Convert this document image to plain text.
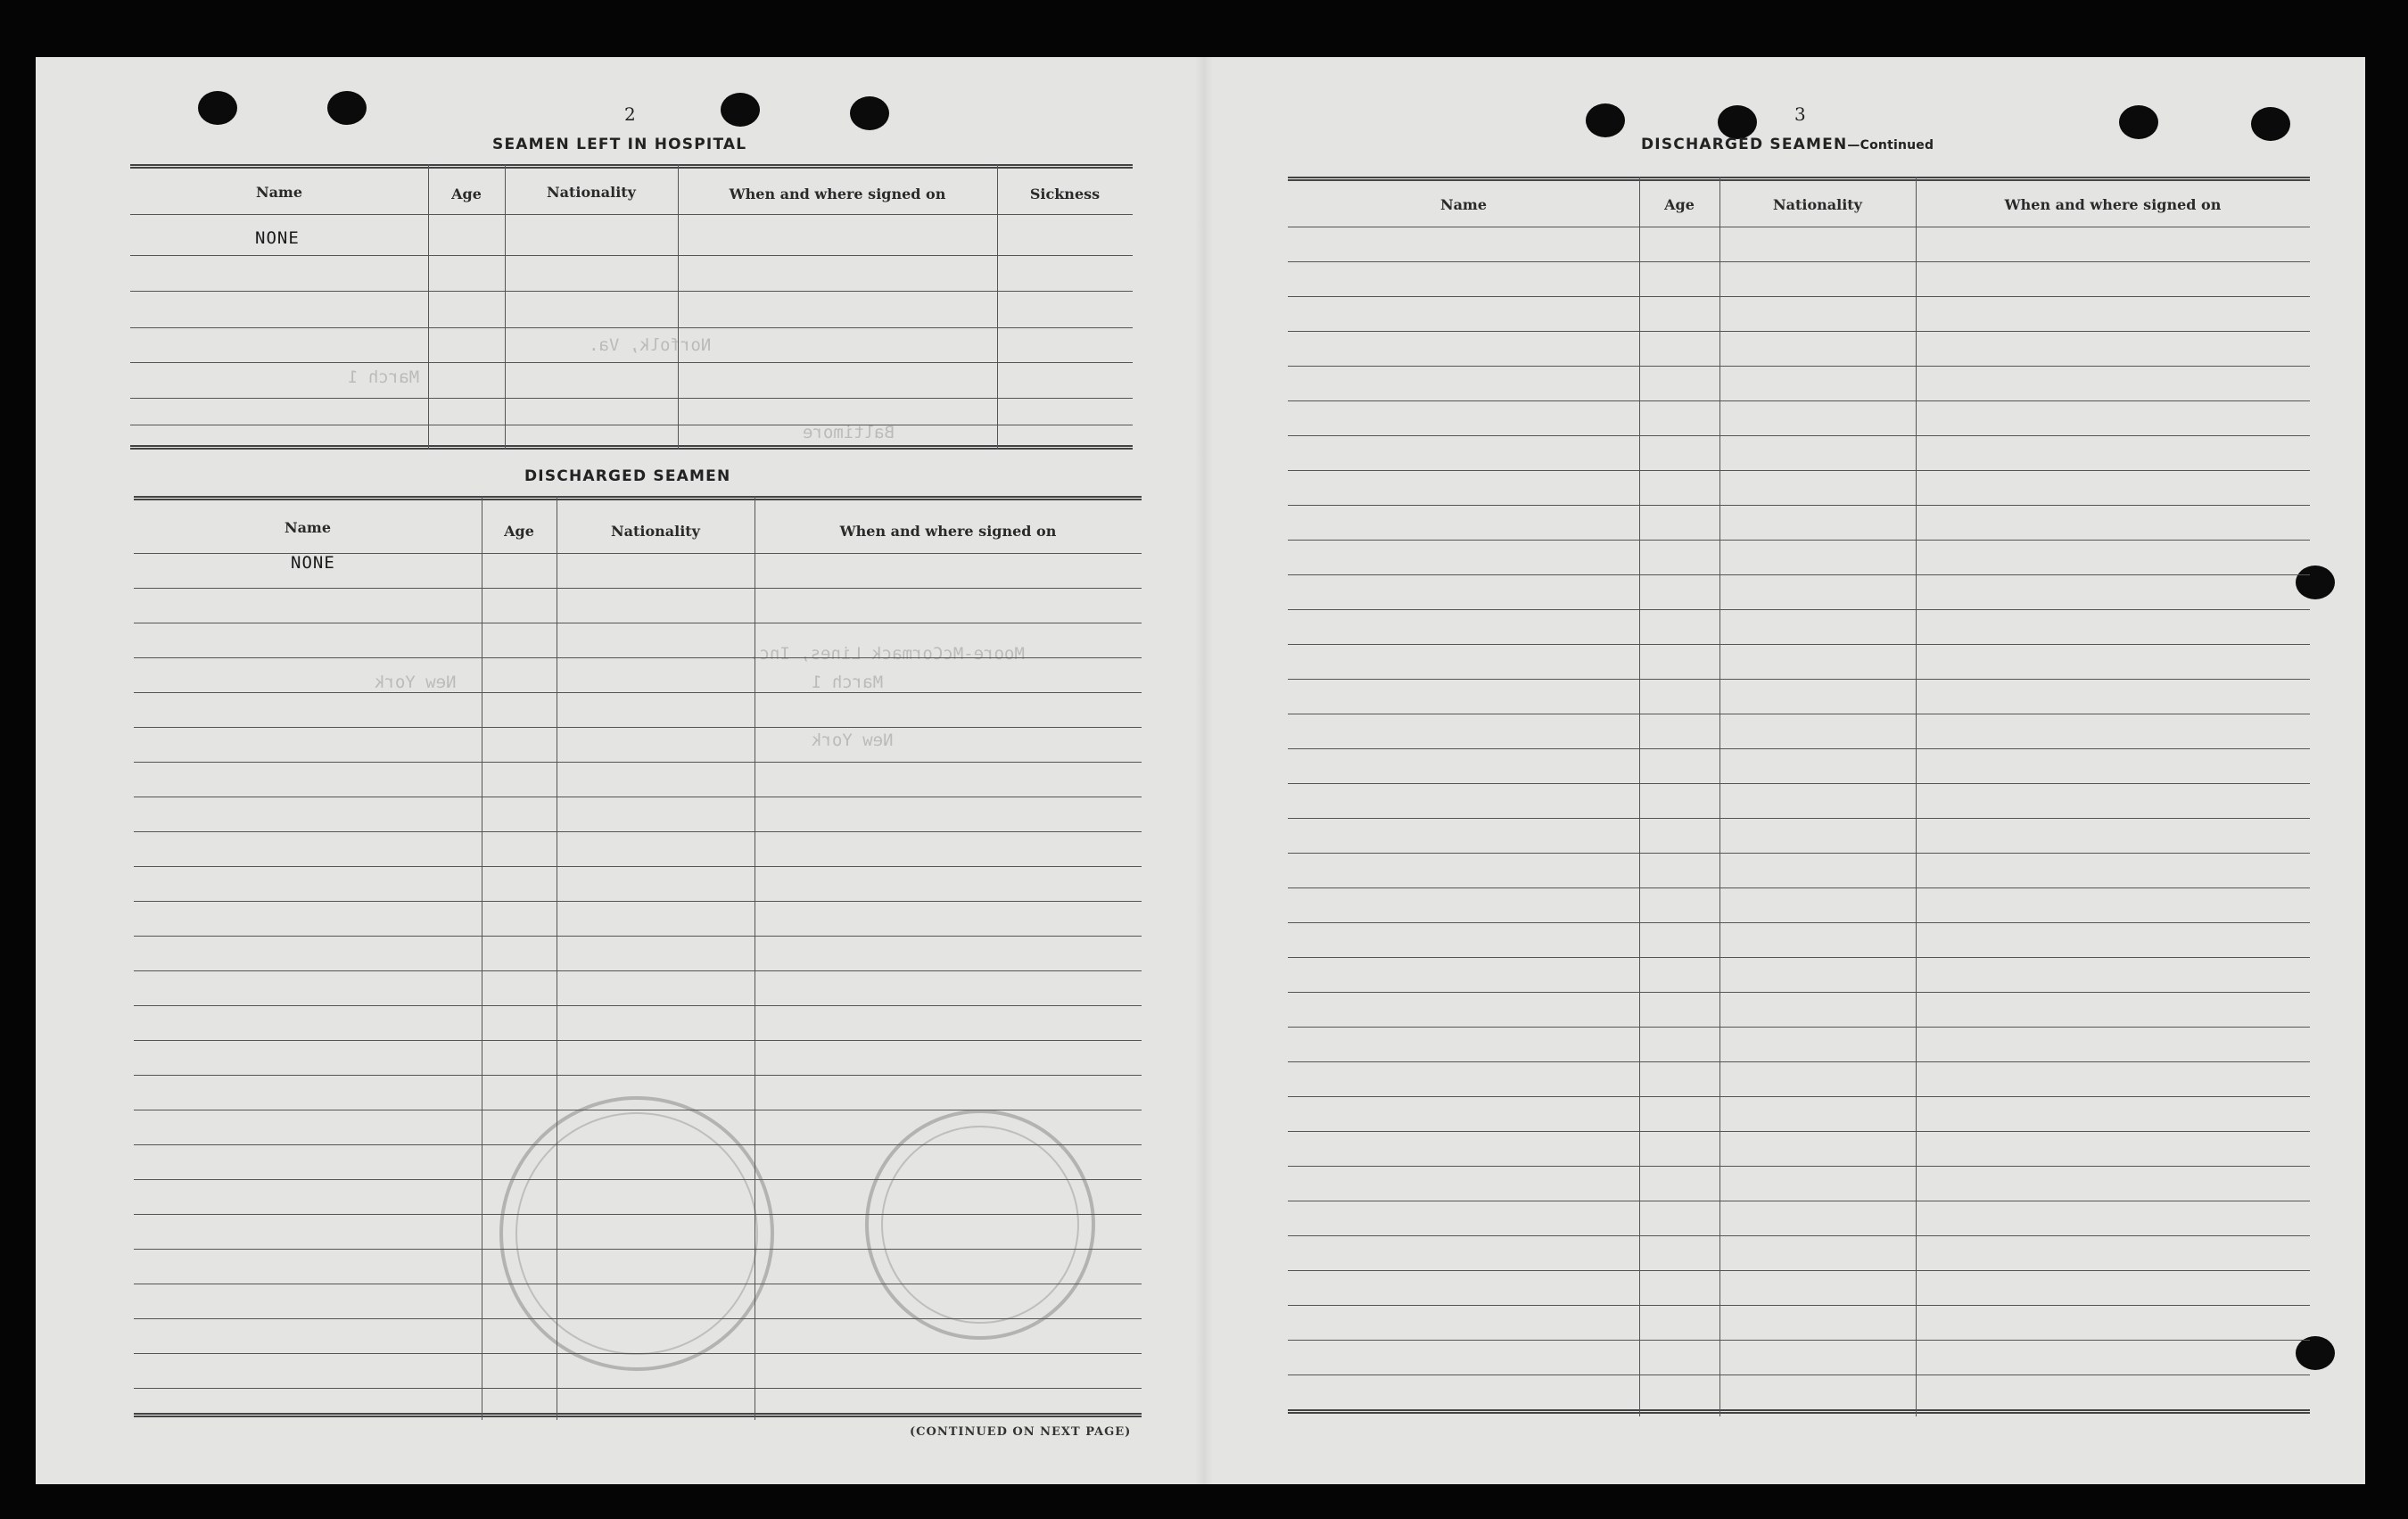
Norfolk, Va.
March 1
Baltimore
Moore-McCormack Lines, Inc.
New York	March 1
New York
2
SEAMEN LEFT IN HOSPITAL
Name	Age	Nationality	When and where signed on	Sickness
NONE
DISCHARGED SEAMEN
Name	Age	Nationality	When and where signed on
NONE
(CONTINUED ON NEXT PAGE)
3
DISCHARGED SEAMEN—Continued
Name	Age	Nationality	When and where signed on
